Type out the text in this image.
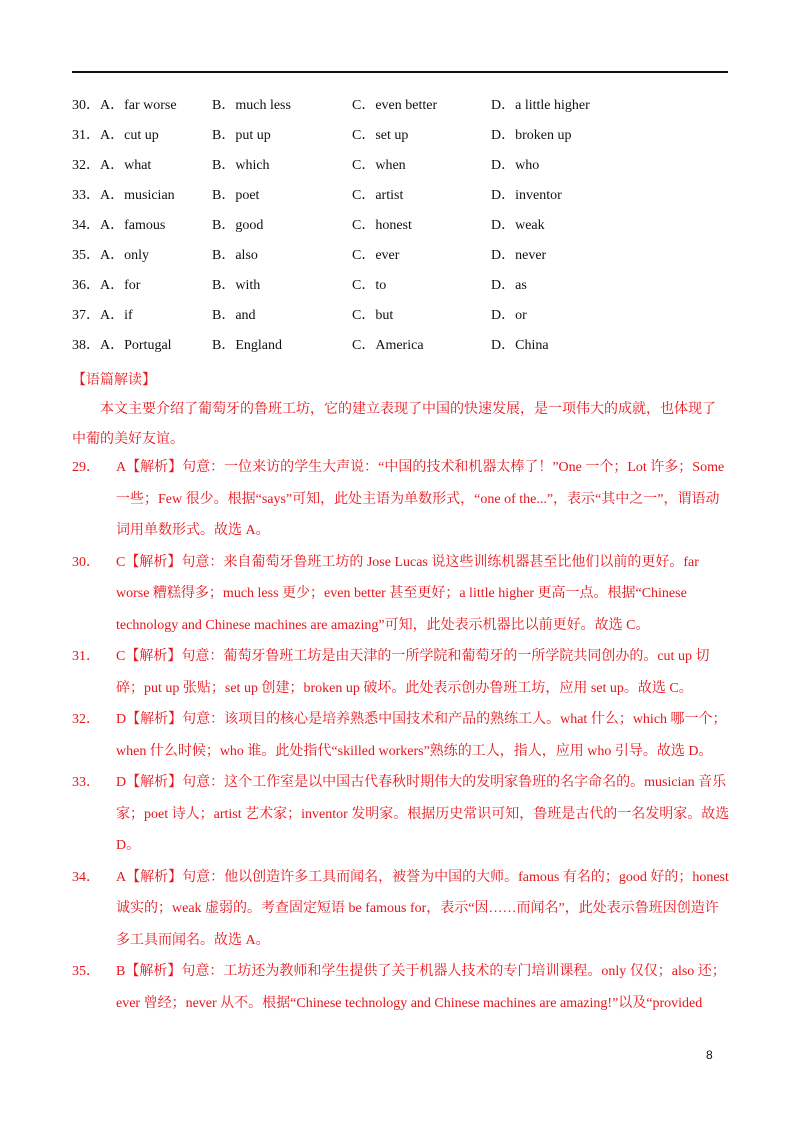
30．A．far worse	B．much less	C．even better	D．a little higher
31．A．cut up	B．put up	C．set up	D．broken up
32．A．what	B．which	C．when	D．who
33．A．musician	B．poet	C．artist	D．inventor
34．A．famous	B．good	C．honest	D．weak
35．A．only	B．also	C．ever	D．never
36．A．for	B．with	C．to	D．as
37．A．if	B．and	C．but	D．or
38．A．Portugal	B．England	C．America	D．China
【语篇解读】
本文主要介绍了葡萄牙的鲁班工坊，它的建立表现了中国的快速发展，是一项伟大的成就，也体现了中葡的美好友谊。
29． A【解析】句意：一位来访的学生大声说：“中国的技术和机器太棒了！”One 一个；Lot 许多；Some 一些；Few 很少。根据“says”可知，此处主语为单数形式，“one of the...”，表示“其中之一”，谓语动词用单数形式。故选 A。
30． C【解析】句意：来自葡萄牙鲁班工坊的 Jose Lucas 说这些训练机器甚至比他们以前的更好。far worse 糟糕得多；much less 更少；even better 甚至更好；a little higher 更高一点。根据“Chinese technology and Chinese machines are amazing”可知，此处表示机器比以前更好。故选 C。
31． C【解析】句意：葡萄牙鲁班工坊是由天津的一所学院和葡萄牙的一所学院共同创办的。cut up 切碎；put up 张贴；set up 创建；broken up 破坏。此处表示创办鲁班工坊，应用 set up。故选 C。
32． D【解析】句意：该项目的核心是培养熟悉中国技术和产品的熟练工人。what 什么；which 哪一个；when 什么时候；who 谁。此处指代“skilled workers”熟练的工人，指人，应用 who 引导。故选 D。
33． D【解析】句意：这个工作室是以中国古代春秋时期伟大的发明家鲁班的名字命名的。musician 音乐家；poet 诗人；artist 艺术家；inventor 发明家。根据历史常识可知，鲁班是古代的一名发明家。故选 D。
34． A【解析】句意：他以创造许多工具而闻名，被誉为中国的大师。famous 有名的；good 好的；honest 诚实的；weak 虚弱的。考查固定短语 be famous for，表示“因……而闻名”，此处表示鲁班因创造许多工具而闻名。故选 A。
35． B【解析】句意：工坊还为教师和学生提供了关于机器人技术的专门培训课程。only 仅仅；also 还；ever 曾经；never 从不。根据“Chinese technology and Chinese machines are amazing!”以及“provided
8
